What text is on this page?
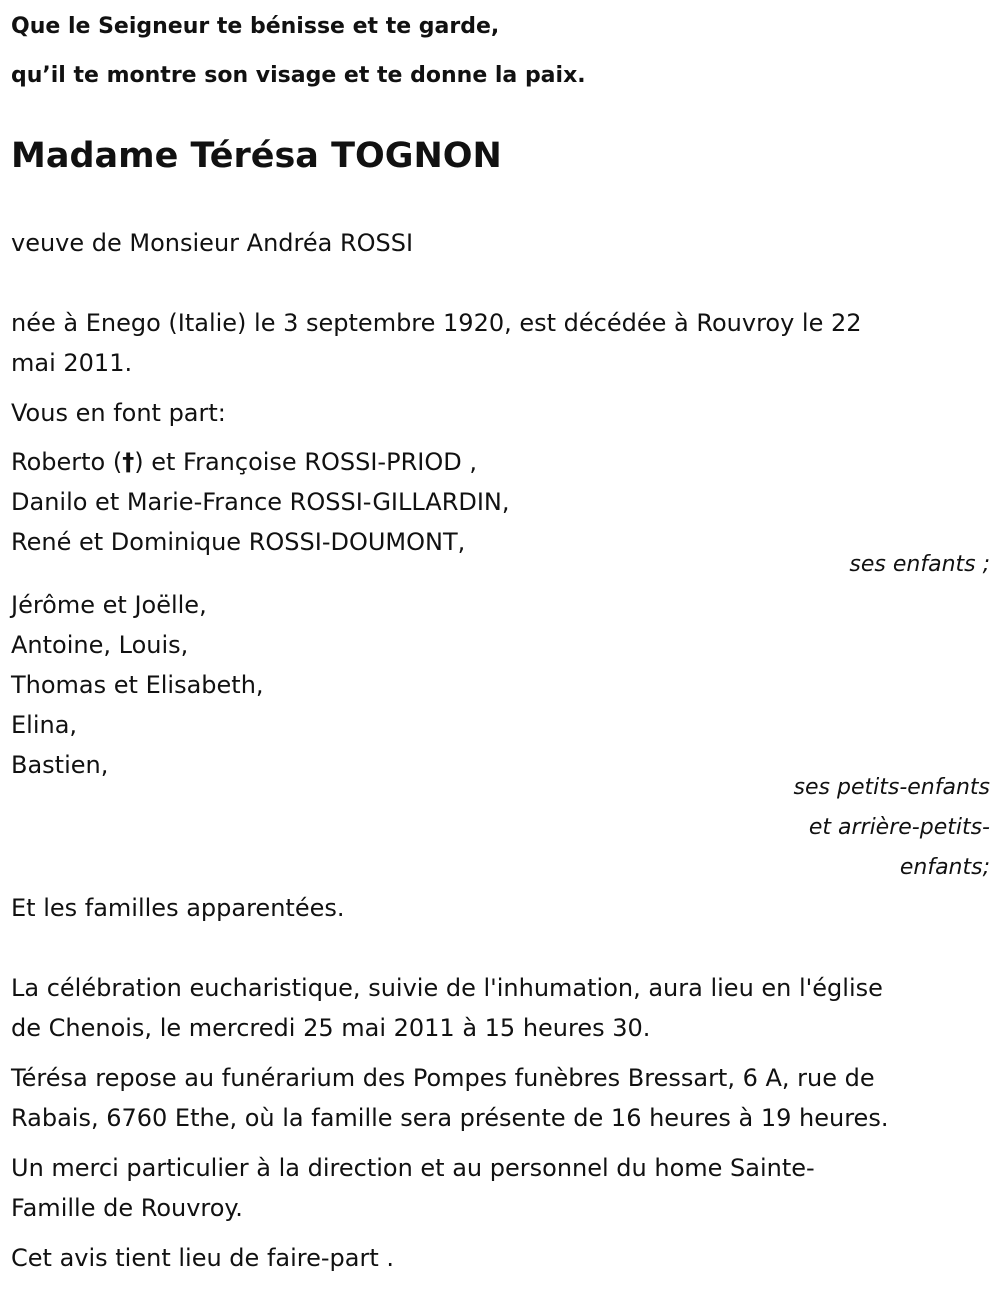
Que le Seigneur te bénisse et te garde,
qu’il te montre son visage et te donne la paix.
Madame Térésa TOGNON
veuve de Monsieur Andréa ROSSI
née à Enego (Italie) le 3 septembre 1920, est décédée à Rouvroy le 22
mai 2011.
Vous en font part:
Roberto (†) et Françoise ROSSI-PRIOD ,
Danilo et Marie-France ROSSI-GILLARDIN,
René et Dominique ROSSI-DOUMONT,
ses enfants ;
Jérôme et Joëlle,
Antoine, Louis,
Thomas et Elisabeth,
Elina,
Bastien,
ses petits-enfants
et arrière-petits-
enfants;
Et les familles apparentées.
La célébration eucharistique, suivie de l'inhumation, aura lieu en l'église
de Chenois, le mercredi 25 mai 2011 à 15 heures 30.
Térésa repose au funérarium des Pompes funèbres Bressart, 6 A, rue de
Rabais, 6760 Ethe, où la famille sera présente de 16 heures à 19 heures.
Un merci particulier à la direction et au personnel du home Sainte-
Famille de Rouvroy.
Cet avis tient lieu de faire-part .
